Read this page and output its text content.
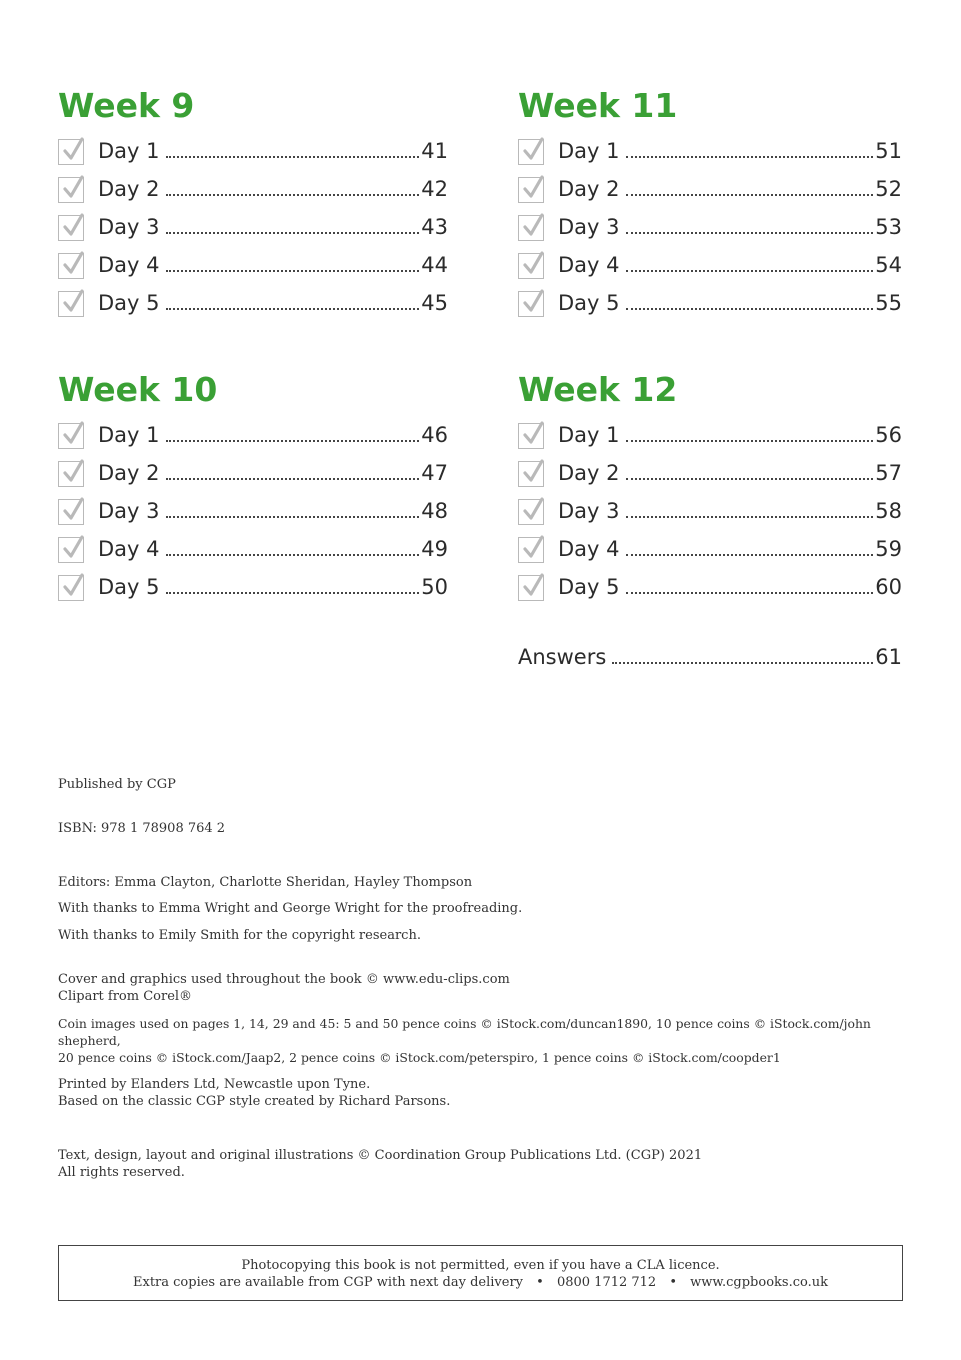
Week 9
Day 1	41
Day 2	42
Day 3	43
Day 4	44
Day 5	45
Week 10
Day 1	46
Day 2	47
Day 3	48
Day 4	49
Day 5	50
Week 11
Day 1	51
Day 2	52
Day 3	53
Day 4	54
Day 5	55
Week 12
Day 1	56
Day 2	57
Day 3	58
Day 4	59
Day 5	60
Answers	61

Published by CGP

ISBN: 978 1 78908 764 2

Editors: Emma Clayton, Charlotte Sheridan, Hayley Thompson

With thanks to Emma Wright and George Wright for the proofreading.

With thanks to Emily Smith for the copyright research.

Cover and graphics used throughout the book © www.edu-clips.com

Clipart from Corel®

Coin images used on pages 1, 14, 29 and 45: 5 and 50 pence coins © iStock.com/duncan1890, 10 pence coins © iStock.com/john shepherd,

20 pence coins © iStock.com/Jaap2, 2 pence coins © iStock.com/peterspiro, 1 pence coins © iStock.com/coopder1

Printed by Elanders Ltd, Newcastle upon Tyne.

Based on the classic CGP style created by Richard Parsons.

Text, design, layout and original illustrations © Coordination Group Publications Ltd. (CGP) 2021

All rights reserved.

Photocopying this book is not permitted, even if you have a CLA licence.
Extra copies are available from CGP with next day delivery • 0800 1712 712 • www.cgpbooks.co.uk
